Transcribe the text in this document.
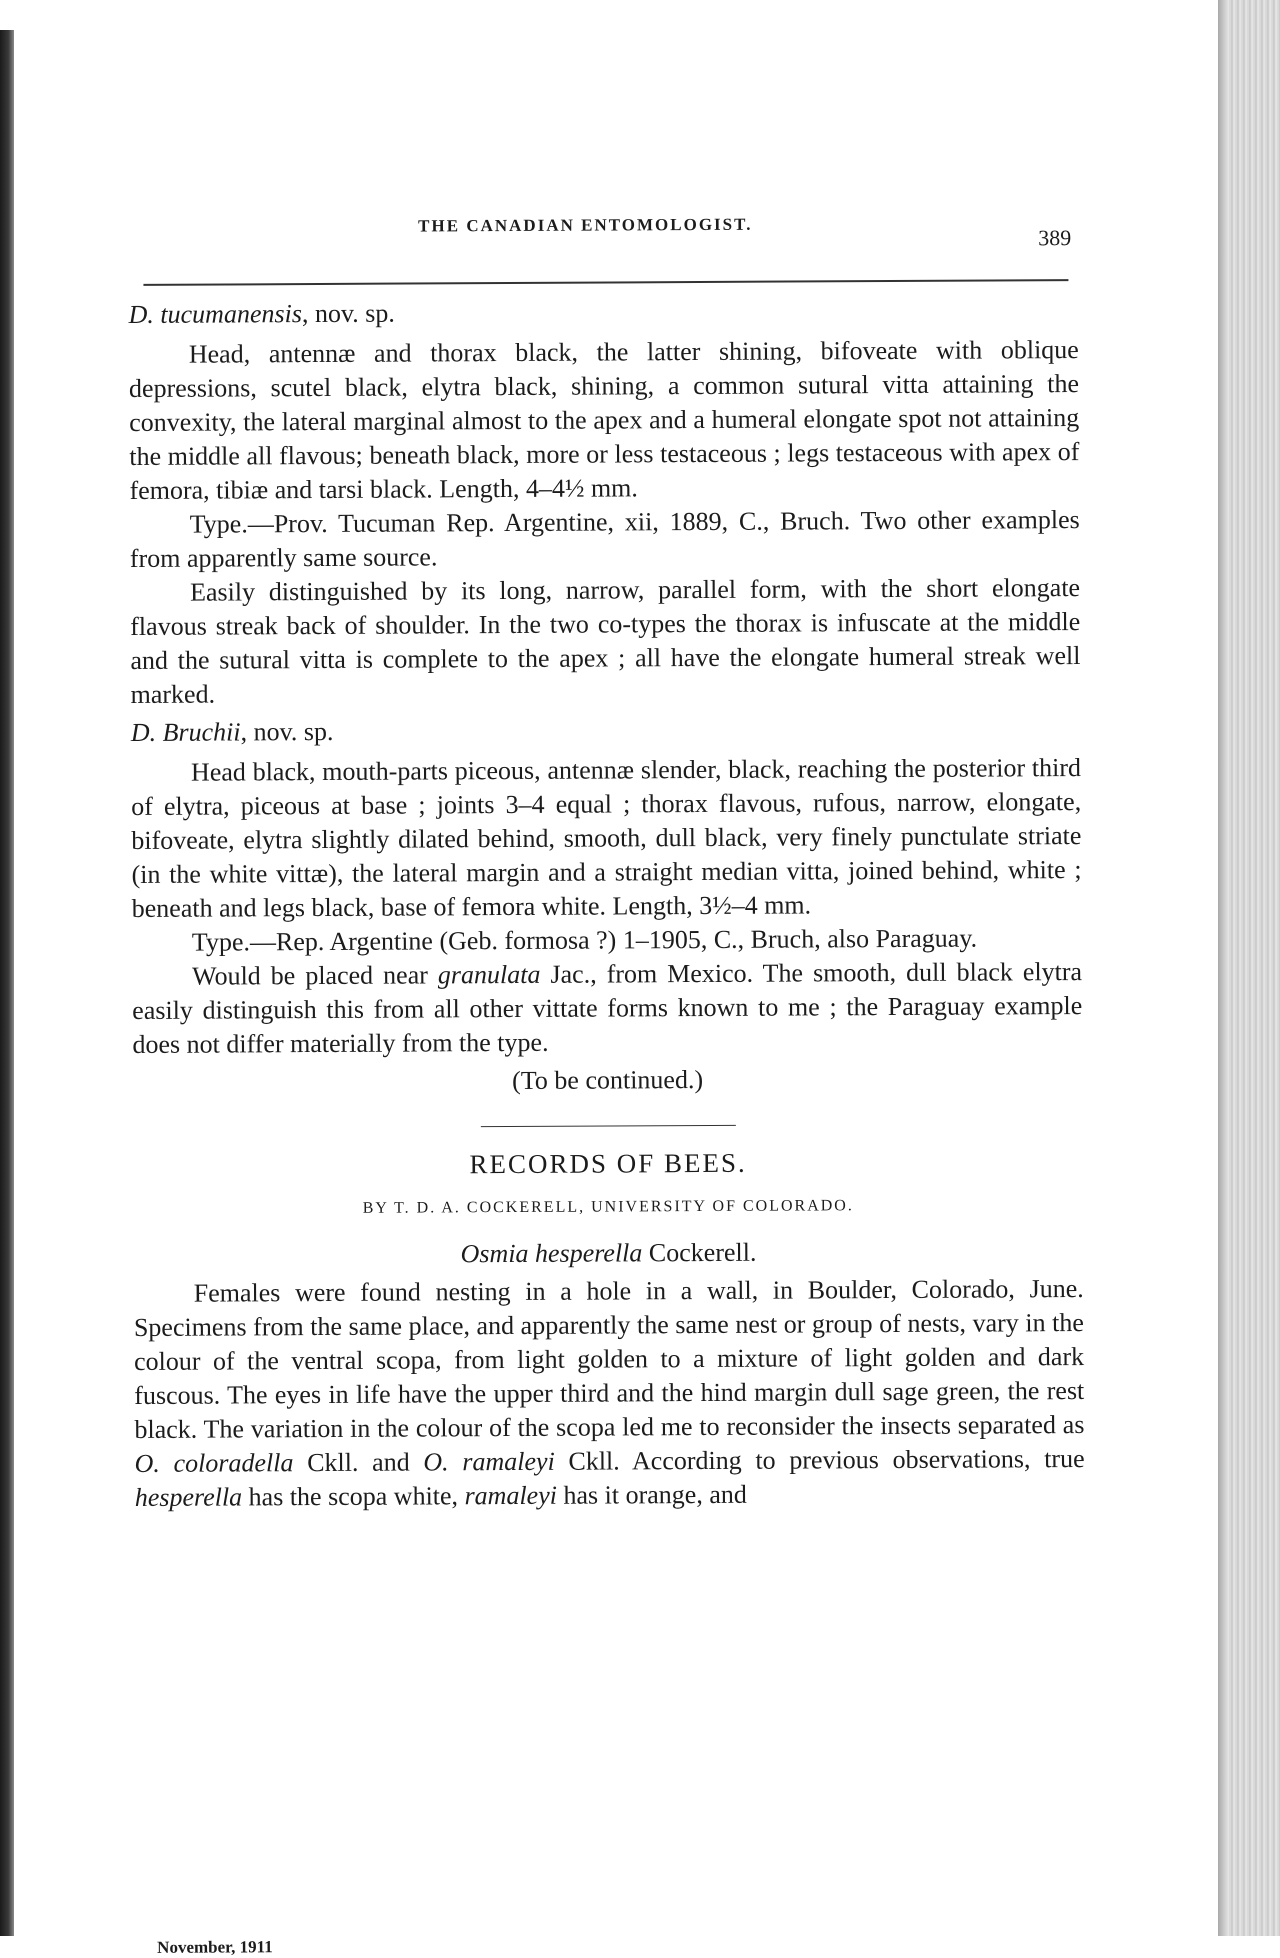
THE CANADIAN ENTOMOLOGIST.	389

D. tucumanensis, nov. sp.

Head, antennæ and thorax black, the latter shining, bifoveate with oblique depressions, scutel black, elytra black, shining, a common sutural vitta attaining the convexity, the lateral marginal almost to the apex and a humeral elongate spot not attaining the middle all flavous; beneath black, more or less testaceous ; legs testaceous with apex of femora, tibiæ and tarsi black. Length, 4–4½ mm.

Type.—Prov. Tucuman Rep. Argentine, xii, 1889, C., Bruch. Two other examples from apparently same source.

Easily distinguished by its long, narrow, parallel form, with the short elongate flavous streak back of shoulder. In the two co-types the thorax is infuscate at the middle and the sutural vitta is complete to the apex ; all have the elongate humeral streak well marked.

D. Bruchii, nov. sp.

Head black, mouth-parts piceous, antennæ slender, black, reaching the posterior third of elytra, piceous at base ; joints 3–4 equal ; thorax flavous, rufous, narrow, elongate, bifoveate, elytra slightly dilated behind, smooth, dull black, very finely punctulate striate (in the white vittæ), the lateral margin and a straight median vitta, joined behind, white ; beneath and legs black, base of femora white. Length, 3½–4 mm.

Type.—Rep. Argentine (Geb. formosa ?) 1–1905, C., Bruch, also Paraguay.

Would be placed near granulata Jac., from Mexico. The smooth, dull black elytra easily distinguish this from all other vittate forms known to me ; the Paraguay example does not differ materially from the type.

(To be continued.)

RECORDS OF BEES.
BY T. D. A. COCKERELL, UNIVERSITY OF COLORADO.

Osmia hesperella Cockerell.

Females were found nesting in a hole in a wall, in Boulder, Colorado, June. Specimens from the same place, and apparently the same nest or group of nests, vary in the colour of the ventral scopa, from light golden to a mixture of light golden and dark fuscous. The eyes in life have the upper third and the hind margin dull sage green, the rest black. The variation in the colour of the scopa led me to reconsider the insects separated as O. coloradella Ckll. and O. ramaleyi Ckll. According to previous observations, true hesperella has the scopa white, ramaleyi has it orange, and

November, 1911
